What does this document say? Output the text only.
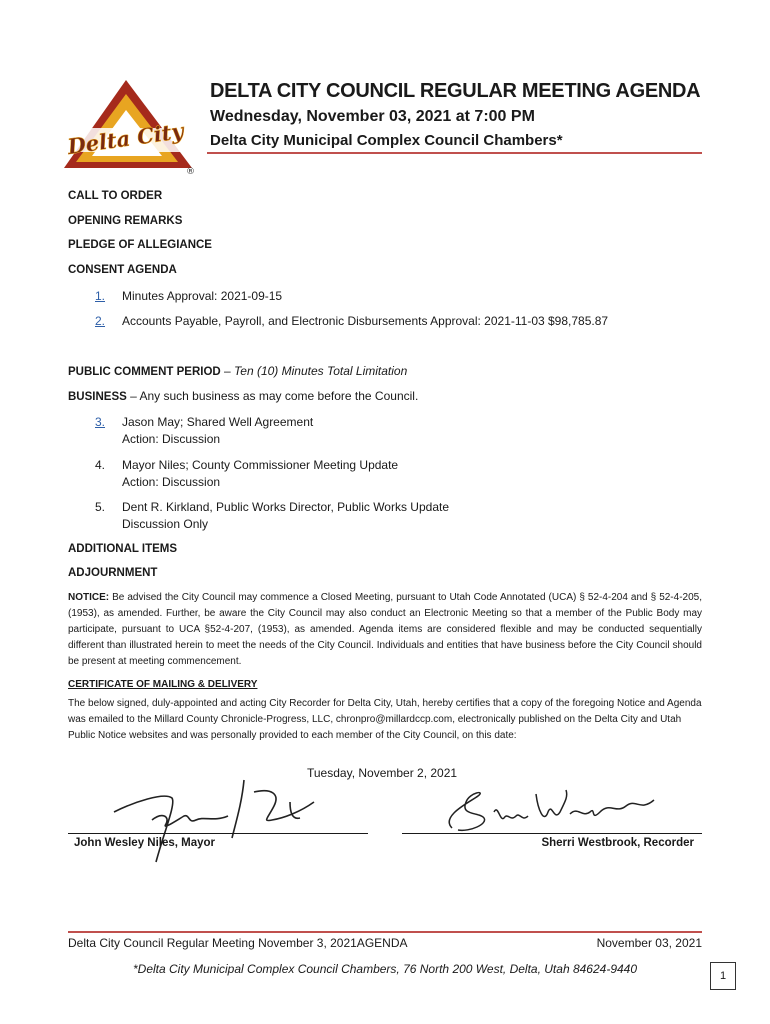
Delta City
®
DELTA CITY COUNCIL REGULAR MEETING AGENDA
Wednesday, November 03, 2021 at 7:00 PM
Delta City Municipal Complex Council Chambers*
CALL TO ORDER
OPENING REMARKS
PLEDGE OF ALLEGIANCE
CONSENT AGENDA
1. Minutes Approval: 2021-09-15
2. Accounts Payable, Payroll, and Electronic Disbursements Approval: 2021-11-03 $98,785.87
PUBLIC COMMENT PERIOD – Ten (10) Minutes Total Limitation
BUSINESS – Any such business as may come before the Council.
3. Jason May; Shared Well Agreement
Action: Discussion
4. Mayor Niles; County Commissioner Meeting Update
Action: Discussion
5. Dent R. Kirkland, Public Works Director, Public Works Update
Discussion Only
ADDITIONAL ITEMS
ADJOURNMENT
NOTICE: Be advised the City Council may commence a Closed Meeting, pursuant to Utah Code Annotated (UCA) § 52-4-204 and § 52-4-205, (1953), as amended. Further, be aware the City Council may also conduct an Electronic Meeting so that a member of the Public Body may participate, pursuant to UCA §52-4-207, (1953), as amended. Agenda items are considered flexible and may be conducted sequentially different than illustrated herein to meet the needs of the City Council. Individuals and entities that have business before the City Council should be present at meeting commencement.
CERTIFICATE OF MAILING & DELIVERY
The below signed, duly-appointed and acting City Recorder for Delta City, Utah, hereby certifies that a copy of the foregoing Notice and Agenda was emailed to the Millard County Chronicle-Progress, LLC, chronpro@millardccp.com, electronically published on the Delta City and Utah Public Notice websites and was personally provided to each member of the City Council, on this date:
Tuesday, November 2, 2021
John Wesley Niles, Mayor	Sherri Westbrook, Recorder
Delta City Council Regular Meeting November 3, 2021AGENDA	November 03, 2021
*Delta City Municipal Complex Council Chambers, 76 North 200 West, Delta, Utah 84624-9440	1
